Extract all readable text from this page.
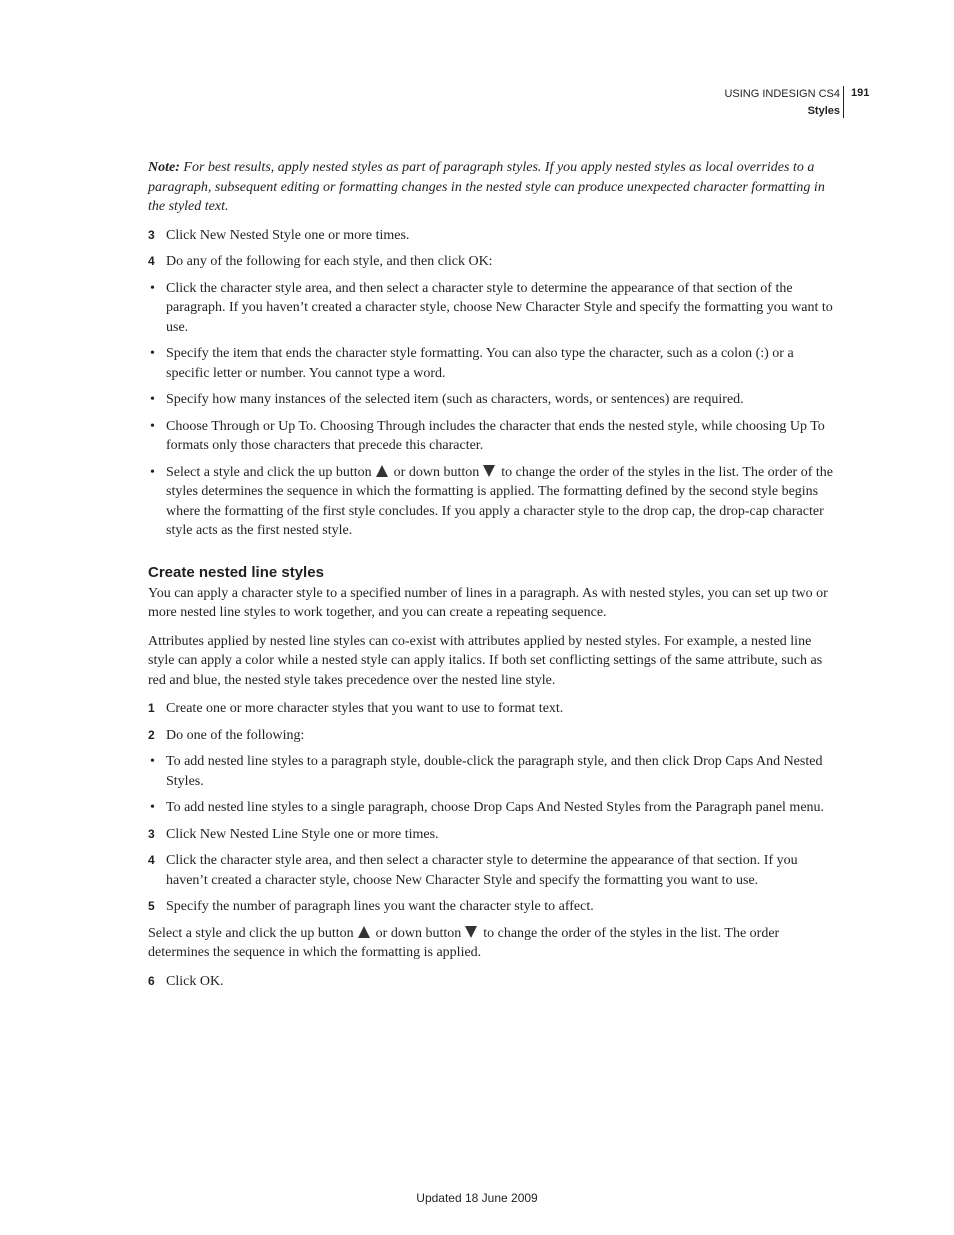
USING INDESIGN CS4
Styles
191

Note: For best results, apply nested styles as part of paragraph styles. If you apply nested styles as local overrides to a paragraph, subsequent editing or formatting changes in the nested style can produce unexpected character formatting in the styled text.

3 Click New Nested Style one or more times.

4 Do any of the following for each style, and then click OK:

• Click the character style area, and then select a character style to determine the appearance of that section of the paragraph. If you haven’t created a character style, choose New Character Style and specify the formatting you want to use.

• Specify the item that ends the character style formatting. You can also type the character, such as a colon (:) or a specific letter or number. You cannot type a word.

• Specify how many instances of the selected item (such as characters, words, or sentences) are required.

• Choose Through or Up To. Choosing Through includes the character that ends the nested style, while choosing Up To formats only those characters that precede this character.

• Select a style and click the up button or down button to change the order of the styles in the list. The order of the styles determines the sequence in which the formatting is applied. The formatting defined by the second style begins where the formatting of the first style concludes. If you apply a character style to the drop cap, the drop-cap character style acts as the first nested style.

Create nested line styles

You can apply a character style to a specified number of lines in a paragraph. As with nested styles, you can set up two or more nested line styles to work together, and you can create a repeating sequence.

Attributes applied by nested line styles can co-exist with attributes applied by nested styles. For example, a nested line style can apply a color while a nested style can apply italics. If both set conflicting settings of the same attribute, such as red and blue, the nested style takes precedence over the nested line style.

1 Create one or more character styles that you want to use to format text.

2 Do one of the following:

• To add nested line styles to a paragraph style, double-click the paragraph style, and then click Drop Caps And Nested Styles.

• To add nested line styles to a single paragraph, choose Drop Caps And Nested Styles from the Paragraph panel menu.

3 Click New Nested Line Style one or more times.

4 Click the character style area, and then select a character style to determine the appearance of that section. If you haven’t created a character style, choose New Character Style and specify the formatting you want to use.

5 Specify the number of paragraph lines you want the character style to affect.

Select a style and click the up button or down button to change the order of the styles in the list. The order determines the sequence in which the formatting is applied.

6 Click OK.

Updated 18 June 2009
